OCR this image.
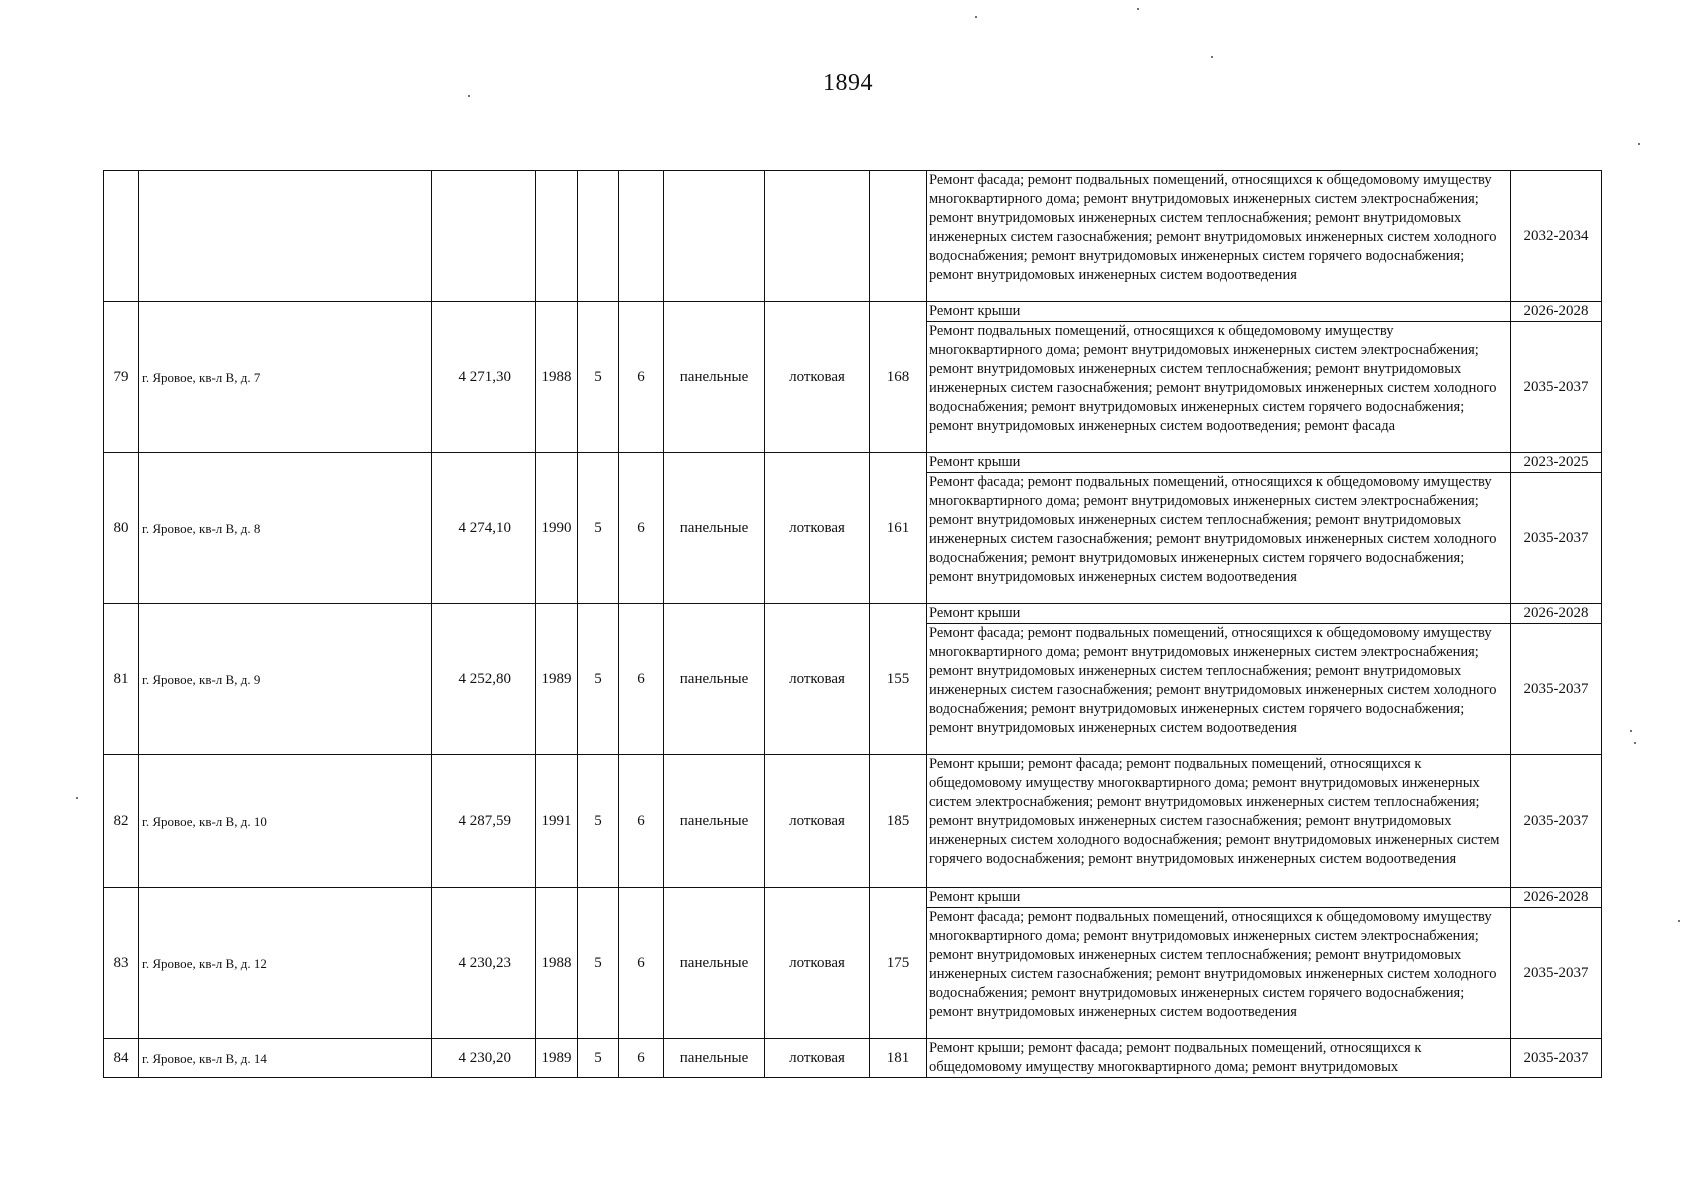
1894
									Ремонт фасада; ремонт подвальных помещений, относящихся к общедомовому имуществу многоквартирного дома; ремонт внутридомовых инженерных систем электроснабжения; ремонт внутридомовых инженерных систем теплоснабжения; ремонт внутридомовых инженерных систем газоснабжения; ремонт внутридомовых инженерных систем холодного водоснабжения; ремонт внутридомовых инженерных систем горячего водоснабжения; ремонт внутридомовых инженерных систем водоотведения	2032-2034
79	г. Яровое, кв-л В, д. 7	4 271,30	1988	5	6	панельные	лотковая	168	Ремонт крыши	2026-2028
									Ремонт подвальных помещений, относящихся к общедомовому имуществу многоквартирного дома; ремонт внутридомовых инженерных систем электроснабжения; ремонт внутридомовых инженерных систем теплоснабжения; ремонт внутридомовых инженерных систем газоснабжения; ремонт внутридомовых инженерных систем холодного водоснабжения; ремонт внутридомовых инженерных систем горячего водоснабжения; ремонт внутридомовых инженерных систем водоотведения; ремонт фасада	2035-2037
80	г. Яровое, кв-л В, д. 8	4 274,10	1990	5	6	панельные	лотковая	161	Ремонт крыши	2023-2025
									Ремонт фасада; ремонт подвальных помещений, относящихся к общедомовому имуществу многоквартирного дома; ремонт внутридомовых инженерных систем электроснабжения; ремонт внутридомовых инженерных систем теплоснабжения; ремонт внутридомовых инженерных систем газоснабжения; ремонт внутридомовых инженерных систем холодного водоснабжения; ремонт внутридомовых инженерных систем горячего водоснабжения; ремонт внутридомовых инженерных систем водоотведения	2035-2037
81	г. Яровое, кв-л В, д. 9	4 252,80	1989	5	6	панельные	лотковая	155	Ремонт крыши	2026-2028
									Ремонт фасада; ремонт подвальных помещений, относящихся к общедомовому имуществу многоквартирного дома; ремонт внутридомовых инженерных систем электроснабжения; ремонт внутридомовых инженерных систем теплоснабжения; ремонт внутридомовых инженерных систем газоснабжения; ремонт внутридомовых инженерных систем холодного водоснабжения; ремонт внутридомовых инженерных систем горячего водоснабжения; ремонт внутридомовых инженерных систем водоотведения	2035-2037
82	г. Яровое, кв-л В, д. 10	4 287,59	1991	5	6	панельные	лотковая	185	Ремонт крыши; ремонт фасада; ремонт подвальных помещений, относящихся к общедомовому имуществу многоквартирного дома; ремонт внутридомовых инженерных систем электроснабжения; ремонт внутридомовых инженерных систем теплоснабжения; ремонт внутридомовых инженерных систем газоснабжения; ремонт внутридомовых инженерных систем холодного водоснабжения; ремонт внутридомовых инженерных систем горячего водоснабжения; ремонт внутридомовых инженерных систем водоотведения	2035-2037
83	г. Яровое, кв-л В, д. 12	4 230,23	1988	5	6	панельные	лотковая	175	Ремонт крыши	2026-2028
									Ремонт фасада; ремонт подвальных помещений, относящихся к общедомовому имуществу многоквартирного дома; ремонт внутридомовых инженерных систем электроснабжения; ремонт внутридомовых инженерных систем теплоснабжения; ремонт внутридомовых инженерных систем газоснабжения; ремонт внутридомовых инженерных систем холодного водоснабжения; ремонт внутридомовых инженерных систем горячего водоснабжения; ремонт внутридомовых инженерных систем водоотведения	2035-2037
84	г. Яровое, кв-л В, д. 14	4 230,20	1989	5	6	панельные	лотковая	181	Ремонт крыши; ремонт фасада; ремонт подвальных помещений, относящихся к общедомовому имуществу многоквартирного дома; ремонт внутридомовых	2035-2037
